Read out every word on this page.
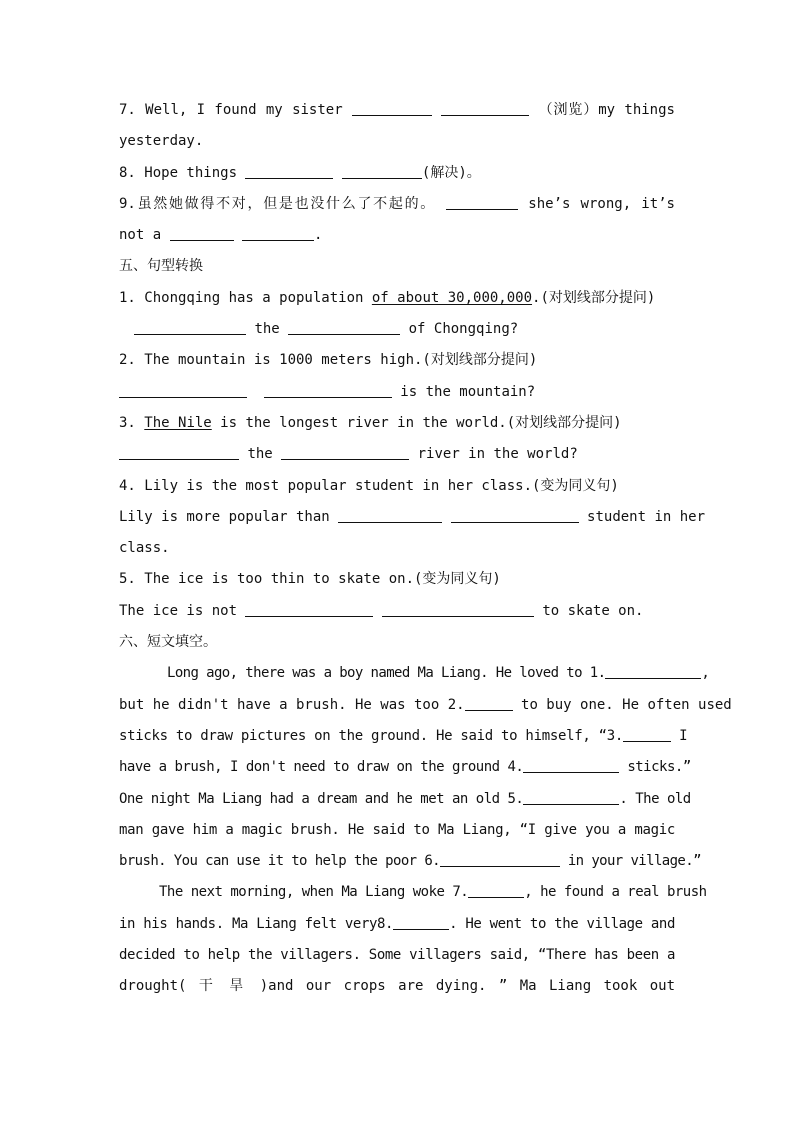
7. Well, I found my sister	（浏览）my things
yesterday.
8. Hope things	(解决)。
9.虽然她做得不对，但是也没什么了不起的。	she’s wrong, it’s
not a	.
五、句型转换
1. Chongqing has a population of about 30,000,000.(对划线部分提问)
the	of Chongqing?
2. The mountain is 1000 meters high.(对划线部分提问)
is the mountain?
3. The Nile is the longest river in the world.(对划线部分提问)
the	river in the world?
4. Lily is the most popular student in her class.(变为同义句)
Lily is more popular than	student in her
class.
5. The ice is too thin to skate on.(变为同义句)
The ice is not	to skate on.
六、短文填空。
Long ago, there was a boy named Ma Liang. He loved to 1.	,
but he didn't have a brush. He was too 2.	to buy one. He often used
sticks to draw pictures on the ground. He said to himself, “3.	I
have a brush, I don't need to draw on the ground 4.	sticks.”
One night Ma Liang had a dream and he met an old 5.	. The old
man gave him a magic brush. He said to Ma Liang, “I give you a magic
brush. You can use it to help the poor 6.	in your village.”
The next morning, when Ma Liang woke 7.	, he found a real brush
in his hands. Ma Liang felt very8.	. He went to the village and
decided to help the villagers. Some villagers said, “There has been a
drought( 干 旱 )and our crops are dying. ” Ma Liang took out
